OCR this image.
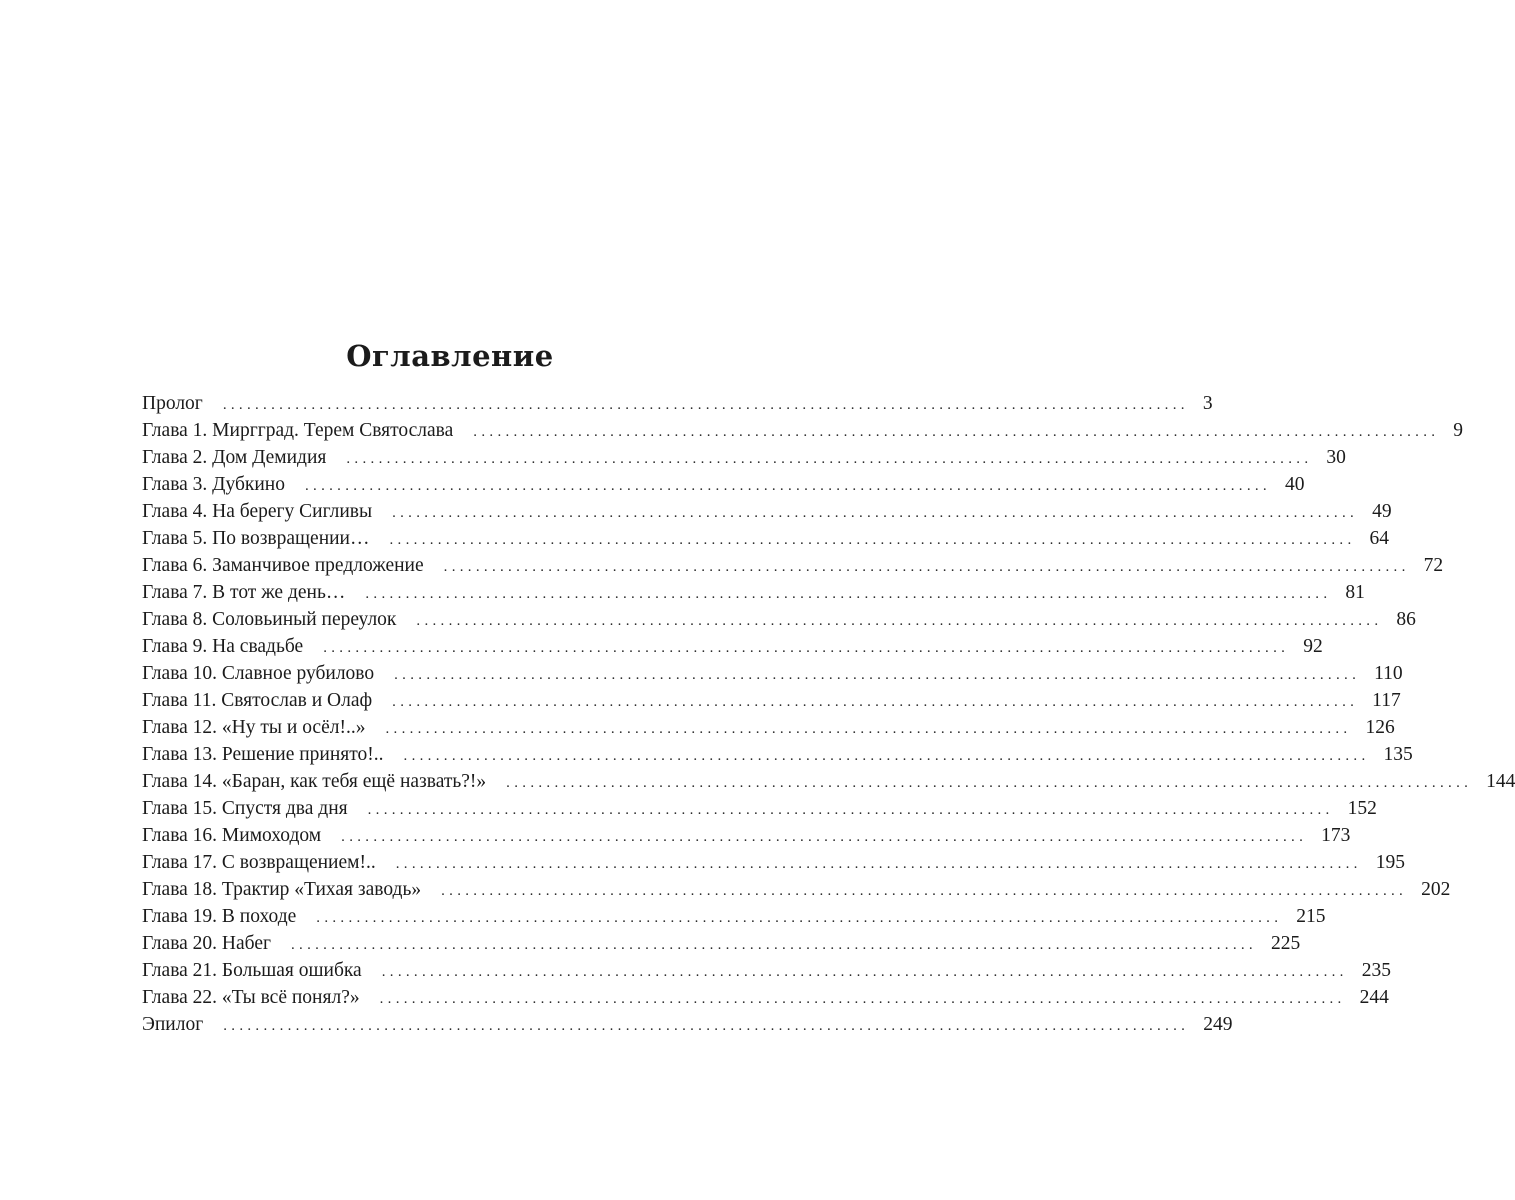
Оглавление
Пролог ........................................................................................................................ 3
Глава 1. Миргград. Терем Святослава ........................................................................................................................ 9
Глава 2. Дом Демидия ........................................................................................................................ 30
Глава 3. Дубкино ........................................................................................................................ 40
Глава 4. На берегу Сигливы ........................................................................................................................ 49
Глава 5. По возвращении… ........................................................................................................................ 64
Глава 6. Заманчивое предложение ........................................................................................................................ 72
Глава 7. В тот же день… ........................................................................................................................ 81
Глава 8. Соловьиный переулок ........................................................................................................................ 86
Глава 9. На свадьбе ........................................................................................................................ 92
Глава 10. Славное рубилово ........................................................................................................................ 110
Глава 11. Святослав и Олаф ........................................................................................................................ 117
Глава 12. «Ну ты и осёл!..» ........................................................................................................................ 126
Глава 13. Решение принято!.. ........................................................................................................................ 135
Глава 14. «Баран, как тебя ещё назвать?!» ........................................................................................................................ 144
Глава 15. Спустя два дня ........................................................................................................................ 152
Глава 16. Мимоходом ........................................................................................................................ 173
Глава 17. С возвращением!.. ........................................................................................................................ 195
Глава 18. Трактир «Тихая заводь» ........................................................................................................................ 202
Глава 19. В походе ........................................................................................................................ 215
Глава 20. Набег ........................................................................................................................ 225
Глава 21. Большая ошибка ........................................................................................................................ 235
Глава 22. «Ты всё понял?» ........................................................................................................................ 244
Эпилог ........................................................................................................................ 249
